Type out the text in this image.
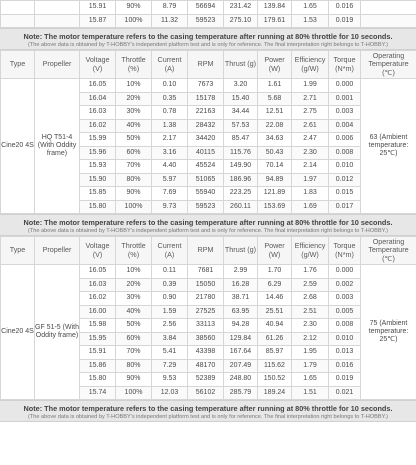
		15.91	90%	8.79	56694	231.42	139.84	1.65	0.016	
		15.87	100%	11.32	59523	275.10	179.61	1.53	0.019	
Note: The motor temperature refers to the casing temperature after running at 80% throttle for 10 seconds.
(The above data is obtained by T-HOBBY's independent platform test and is only for reference. The final interpretation right belongs to T-HOBBY.)
Type	Propeller	Voltage (V)	Throttle (%)	Current (A)	RPM	Thrust (g)	Power (W)	Efficiency (g/W)	Torque (N*m)	Operating Temperature (℃)
Cine20 4S	HQ T51-4 (With Oddity frame)	16.05	10%	0.10	7673	3.20	1.61	1.99	0.000	63 (Ambient temperature: 25℃)
		16.04	20%	0.35	15178	15.40	5.68	2.71	0.001	
		16.03	30%	0.78	22163	34.44	12.51	2.75	0.003	
		16.02	40%	1.38	28432	57.53	22.08	2.61	0.004	
		15.99	50%	2.17	34420	85.47	34.63	2.47	0.006	
		15.96	60%	3.16	40115	115.76	50.43	2.30	0.008	
		15.93	70%	4.40	45524	149.90	70.14	2.14	0.010	
		15.90	80%	5.97	51065	186.96	94.89	1.97	0.012	
		15.85	90%	7.69	55940	223.25	121.89	1.83	0.015	
		15.80	100%	9.73	59523	260.11	153.69	1.69	0.017	
Note: The motor temperature refers to the casing temperature after running at 80% throttle for 10 seconds.
(The above data is obtained by T-HOBBY's independent platform test and is only for reference. The final interpretation right belongs to T-HOBBY.)
Type	Propeller	Voltage (V)	Throttle (%)	Current (A)	RPM	Thrust (g)	Power (W)	Efficiency (g/W)	Torque (N*m)	Operating Temperature (℃)
Cine20 4S	GF 51-5 (With Oddity frame)	16.05	10%	0.11	7681	2.99	1.70	1.76	0.000	75 (Ambient temperature: 25℃)
		16.03	20%	0.39	15050	16.28	6.29	2.59	0.002	
		16.02	30%	0.90	21780	38.71	14.46	2.68	0.003	
		16.00	40%	1.59	27525	63.95	25.51	2.51	0.005	
		15.98	50%	2.56	33113	94.28	40.94	2.30	0.008	
		15.95	60%	3.84	38560	129.84	61.26	2.12	0.010	
		15.91	70%	5.41	43398	167.64	85.97	1.95	0.013	
		15.86	80%	7.29	48170	207.49	115.62	1.79	0.016	
		15.80	90%	9.53	52389	248.80	150.52	1.65	0.019	
		15.74	100%	12.03	56102	285.79	189.24	1.51	0.021	
Note: The motor temperature refers to the casing temperature after running at 80% throttle for 10 seconds.
(The above data is obtained by T-HOBBY's independent platform test and is only for reference. The final interpretation right belongs to T-HOBBY.)
